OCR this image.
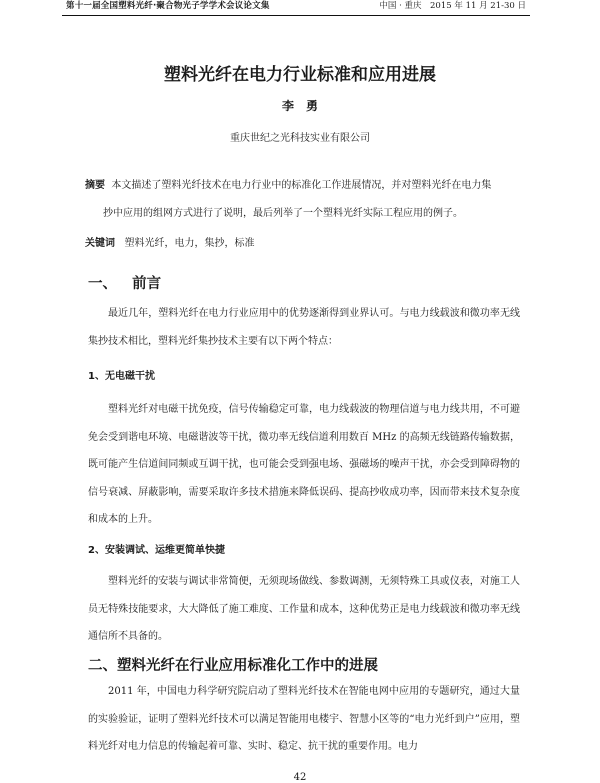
第十一届全国塑料光纤·聚合物光子学学术会议论文集	中国 · 重庆　2015 年 11 月 21-30 日
塑料光纤在电力行业标准和应用进展
李勇
重庆世纪之光科技实业有限公司
摘要 本文描述了塑料光纤技术在电力行业中的标准化工作进展情况，并对塑料光纤在电力集
抄中应用的组网方式进行了说明，最后列举了一个塑料光纤实际工程应用的例子。
关键词 塑料光纤，电力，集抄，标准
一、 前言
最近几年，塑料光纤在电力行业应用中的优势逐渐得到业界认可。与电力线载波和微功率无线集抄技术相比，塑料光纤集抄技术主要有以下两个特点：
1、无电磁干扰
塑料光纤对电磁干扰免疫，信号传输稳定可靠，电力线载波的物理信道与电力线共用，不可避免会受到谐电环境、电磁谐波等干扰，微功率无线信道利用数百 MHz 的高频无线链路传输数据，既可能产生信道间同频或互调干扰，也可能会受到强电场、强磁场的噪声干扰，亦会受到障碍物的信号衰减、屏蔽影响，需要采取许多技术措施来降低误码、提高抄收成功率，因而带来技术复杂度和成本的上升。
2、安装调试、运维更简单快捷
塑料光纤的安装与调试非常简便，无须现场做线、参数调测，无须特殊工具或仪表，对施工人员无特殊技能要求，大大降低了施工难度、工作量和成本，这种优势正是电力线载波和微功率无线通信所不具备的。
二、塑料光纤在行业应用标准化工作中的进展
2011 年，中国电力科学研究院启动了塑料光纤技术在智能电网中应用的专题研究，通过大量的实验验证，证明了塑料光纤技术可以满足智能用电楼宇、智慧小区等的“电力光纤到户”应用，塑料光纤对电力信息的传输起着可靠、实时、稳定、抗干扰的重要作用。电力
42
